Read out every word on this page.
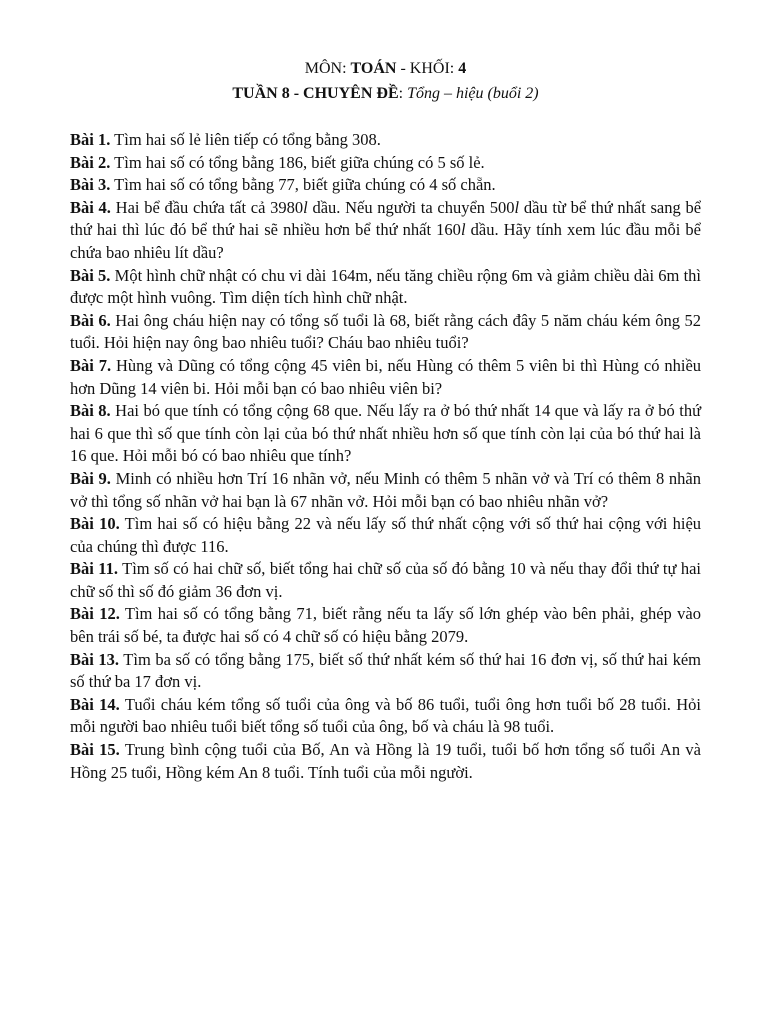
MÔN: TOÁN - KHỐI: 4

TUẦN 8 - CHUYÊN ĐỀ: Tổng – hiệu (buổi 2)

Bài 1. Tìm hai số lẻ liên tiếp có tổng bằng 308.

Bài 2. Tìm hai số có tổng bằng 186, biết giữa chúng có 5 số lẻ.

Bài 3. Tìm hai số có tổng bằng 77, biết giữa chúng có 4 số chẵn.

Bài 4. Hai bể đầu chứa tất cả 3980l dầu. Nếu người ta chuyển 500l dầu từ bể thứ nhất sang bể thứ hai thì lúc đó bể thứ hai sẽ nhiều hơn bể thứ nhất 160l dầu. Hãy tính xem lúc đầu mỗi bể chứa bao nhiêu lít dầu?

Bài 5. Một hình chữ nhật có chu vi dài 164m, nếu tăng chiều rộng 6m và giảm chiều dài 6m thì được một hình vuông. Tìm diện tích hình chữ nhật.

Bài 6. Hai ông cháu hiện nay có tổng số tuổi là 68, biết rằng cách đây 5 năm cháu kém ông 52 tuổi. Hỏi hiện nay ông bao nhiêu tuổi? Cháu bao nhiêu tuổi?

Bài 7. Hùng và Dũng có tổng cộng 45 viên bi, nếu Hùng có thêm 5 viên bi thì Hùng có nhiều hơn Dũng 14 viên bi. Hỏi mỗi bạn có bao nhiêu viên bi?

Bài 8. Hai bó que tính có tổng cộng 68 que. Nếu lấy ra ở bó thứ nhất 14 que và lấy ra ở bó thứ hai 6 que thì số que tính còn lại của bó thứ nhất nhiều hơn số que tính còn lại của bó thứ hai là 16 que. Hỏi mỗi bó có bao nhiêu que tính?

Bài 9. Minh có nhiều hơn Trí 16 nhãn vở, nếu Minh có thêm 5 nhãn vở và Trí có thêm 8 nhãn vở thì tổng số nhãn vở hai bạn là 67 nhãn vở. Hỏi mỗi bạn có bao nhiêu nhãn vở?

Bài 10. Tìm hai số có hiệu bằng 22 và nếu lấy số thứ nhất cộng với số thứ hai cộng với hiệu của chúng thì được 116.

Bài 11. Tìm số có hai chữ số, biết tổng hai chữ số của số đó bằng 10 và nếu thay đổi thứ tự hai chữ số thì số đó giảm 36 đơn vị.

Bài 12. Tìm hai số có tổng bằng 71, biết rằng nếu ta lấy số lớn ghép vào bên phải, ghép vào bên trái số bé, ta được hai số có 4 chữ số có hiệu bằng 2079.

Bài 13. Tìm ba số có tổng bằng 175, biết số thứ nhất kém số thứ hai 16 đơn vị, số thứ hai kém số thứ ba 17 đơn vị.

Bài 14. Tuổi cháu kém tổng số tuổi của ông và bố 86 tuổi, tuổi ông hơn tuổi bố 28 tuổi. Hỏi mỗi người bao nhiêu tuổi biết tổng số tuổi của ông, bố và cháu là 98 tuổi.

Bài 15. Trung bình cộng tuổi của Bố, An và Hồng là 19 tuổi, tuổi bố hơn tổng số tuổi An và Hồng 25 tuổi, Hồng kém An 8 tuổi. Tính tuổi của mỗi người.
